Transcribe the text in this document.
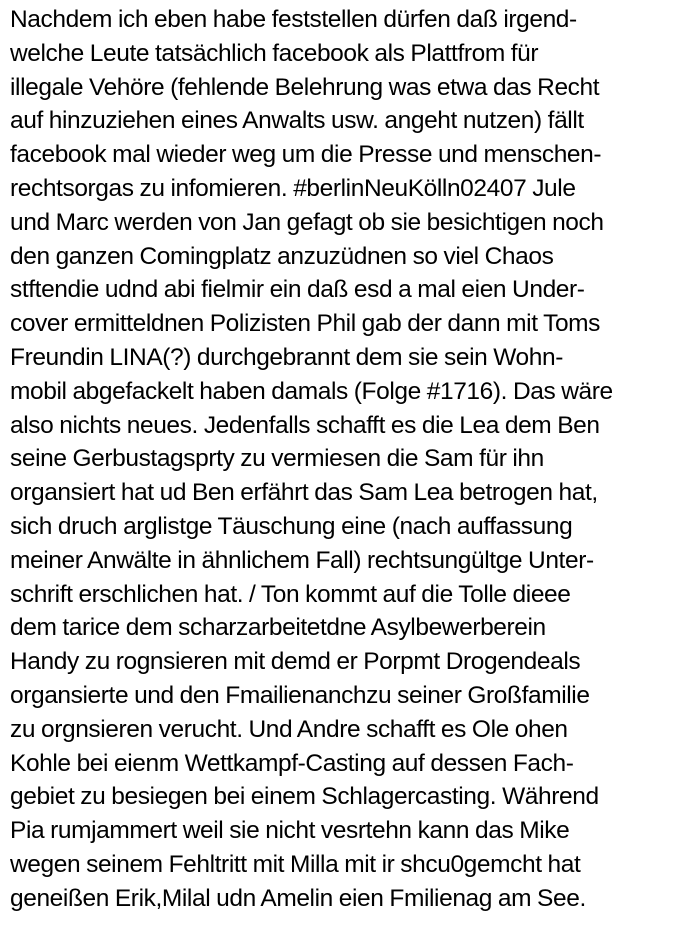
Nachdem ich eben habe feststellen dürfen daß irgend-
welche Leute tatsächlich facebook als Plattfrom für
illegale Vehöre (fehlende Belehrung was etwa das Recht
auf hinzuziehen eines Anwalts usw. angeht nutzen) fällt
facebook mal wieder weg um die Presse und menschen-
rechtsorgas zu infomieren. #berlinNeuKölln02407 Jule
und Marc werden von Jan gefagt ob sie besichtigen noch
den ganzen Comingplatz anzuzüdnen so viel Chaos
stftendie udnd abi fielmir ein daß esd a mal eien Under-
cover ermitteldnen Polizisten Phil gab der dann mit Toms
Freundin LINA(?) durchgebrannt dem sie sein Wohn-
mobil abgefackelt haben damals (Folge #1716). Das wäre
also nichts neues. Jedenfalls schafft es die Lea dem Ben
seine Gerbustagsprty zu vermiesen die Sam für ihn
organsiert hat ud Ben erfährt das Sam Lea betrogen hat,
sich druch arglistge Täuschung eine (nach auffassung
meiner Anwälte in ähnlichem Fall) rechtsungültge Unter-
schrift erschlichen hat. / Ton kommt auf die Tolle dieee
dem tarice dem scharzarbeitetdne Asylbewerberein
Handy zu rognsieren mit demd er Porpmt Drogendeals
organsierte und den Fmailienanchzu seiner Großfamilie
zu orgnsieren verucht. Und Andre schafft es Ole ohen
Kohle bei eienm Wettkampf-Casting auf dessen Fach-
gebiet zu besiegen bei einem Schlagercasting. Während
Pia rumjammert weil sie nicht vesrtehn kann das Mike
wegen seinem Fehltritt mit Milla mit ir shcu0gemcht hat
geneißen Erik,Milal udn Amelin eien Fmilienag am See.
